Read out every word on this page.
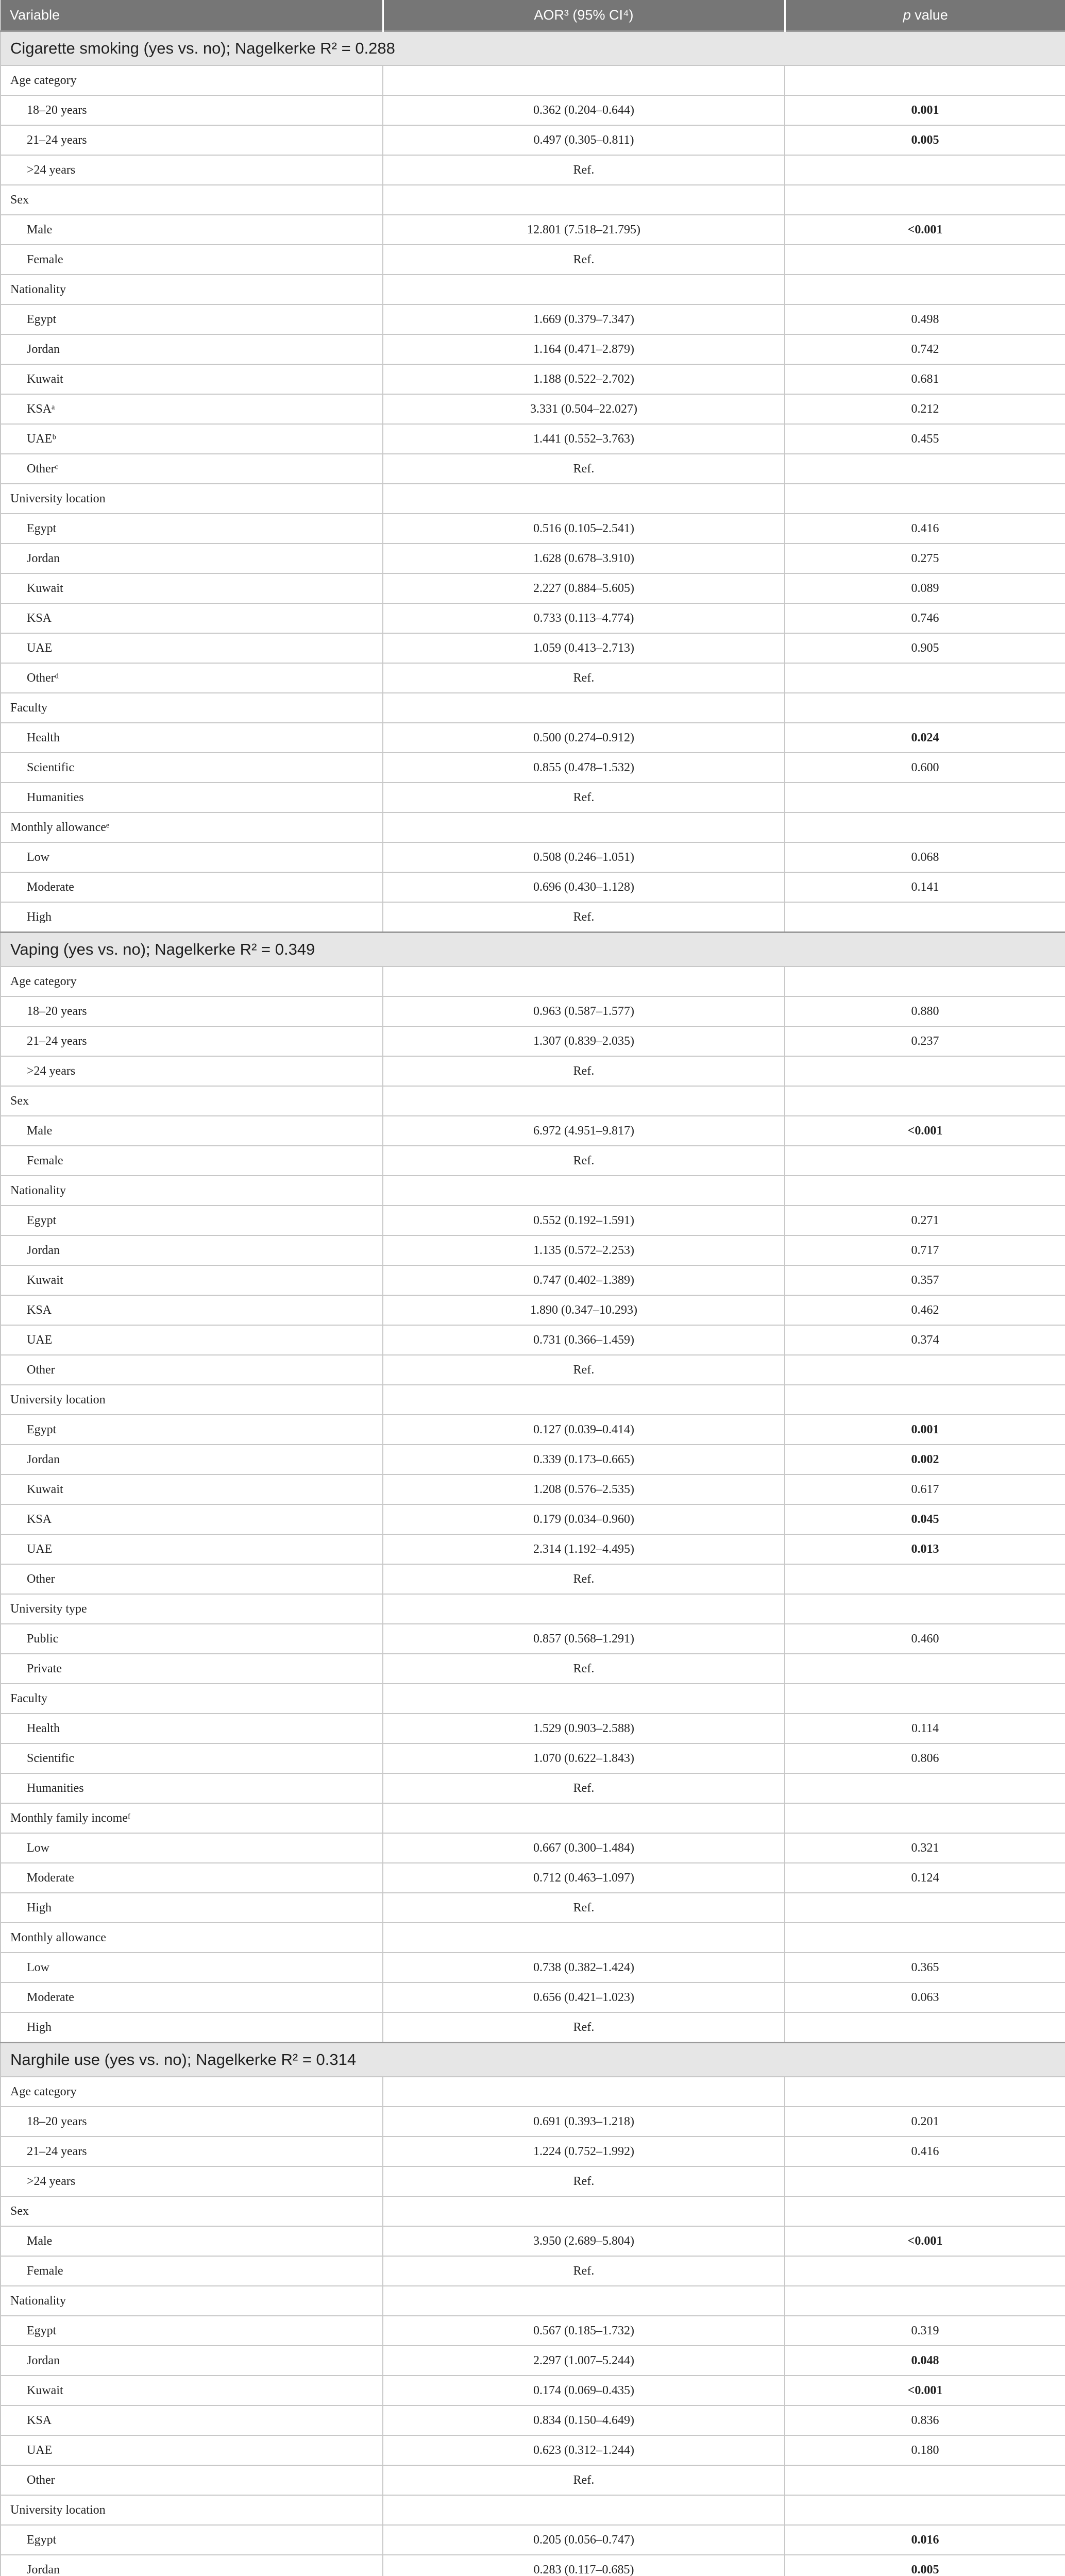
Variable	AOR³ (95% CI⁴)	p value
Cigarette smoking (yes vs. no); Nagelkerke R² = 0.288		
Age category		
18–20 years	0.362 (0.204–0.644)	0.001
21–24 years	0.497 (0.305–0.811)	0.005
>24 years	Ref.	
Sex		
Male	12.801 (7.518–21.795)	<0.001
Female	Ref.	
Nationality		
Egypt	1.669 (0.379–7.347)	0.498
Jordan	1.164 (0.471–2.879)	0.742
Kuwait	1.188 (0.522–2.702)	0.681
KSAᵃ	3.331 (0.504–22.027)	0.212
UAEᵇ	1.441 (0.552–3.763)	0.455
Otherᶜ	Ref.	
University location		
Egypt	0.516 (0.105–2.541)	0.416
Jordan	1.628 (0.678–3.910)	0.275
Kuwait	2.227 (0.884–5.605)	0.089
KSA	0.733 (0.113–4.774)	0.746
UAE	1.059 (0.413–2.713)	0.905
Otherᵈ	Ref.	
Faculty		
Health	0.500 (0.274–0.912)	0.024
Scientific	0.855 (0.478–1.532)	0.600
Humanities	Ref.	
Monthly allowanceᵉ		
Low	0.508 (0.246–1.051)	0.068
Moderate	0.696 (0.430–1.128)	0.141
High	Ref.	
Vaping (yes vs. no); Nagelkerke R² = 0.349		
Age category		
18–20 years	0.963 (0.587–1.577)	0.880
21–24 years	1.307 (0.839–2.035)	0.237
>24 years	Ref.	
Sex		
Male	6.972 (4.951–9.817)	<0.001
Female	Ref.	
Nationality		
Egypt	0.552 (0.192–1.591)	0.271
Jordan	1.135 (0.572–2.253)	0.717
Kuwait	0.747 (0.402–1.389)	0.357
KSA	1.890 (0.347–10.293)	0.462
UAE	0.731 (0.366–1.459)	0.374
Other	Ref.	
University location		
Egypt	0.127 (0.039–0.414)	0.001
Jordan	0.339 (0.173–0.665)	0.002
Kuwait	1.208 (0.576–2.535)	0.617
KSA	0.179 (0.034–0.960)	0.045
UAE	2.314 (1.192–4.495)	0.013
Other	Ref.	
University type		
Public	0.857 (0.568–1.291)	0.460
Private	Ref.	
Faculty		
Health	1.529 (0.903–2.588)	0.114
Scientific	1.070 (0.622–1.843)	0.806
Humanities	Ref.	
Monthly family incomeᶠ		
Low	0.667 (0.300–1.484)	0.321
Moderate	0.712 (0.463–1.097)	0.124
High	Ref.	
Monthly allowance		
Low	0.738 (0.382–1.424)	0.365
Moderate	0.656 (0.421–1.023)	0.063
High	Ref.	
Narghile use (yes vs. no); Nagelkerke R² = 0.314		
Age category		
18–20 years	0.691 (0.393–1.218)	0.201
21–24 years	1.224 (0.752–1.992)	0.416
>24 years	Ref.	
Sex		
Male	3.950 (2.689–5.804)	<0.001
Female	Ref.	
Nationality		
Egypt	0.567 (0.185–1.732)	0.319
Jordan	2.297 (1.007–5.244)	0.048
Kuwait	0.174 (0.069–0.435)	<0.001
KSA	0.834 (0.150–4.649)	0.836
UAE	0.623 (0.312–1.244)	0.180
Other	Ref.	
University location		
Egypt	0.205 (0.056–0.747)	0.016
Jordan	0.283 (0.117–0.685)	0.005
